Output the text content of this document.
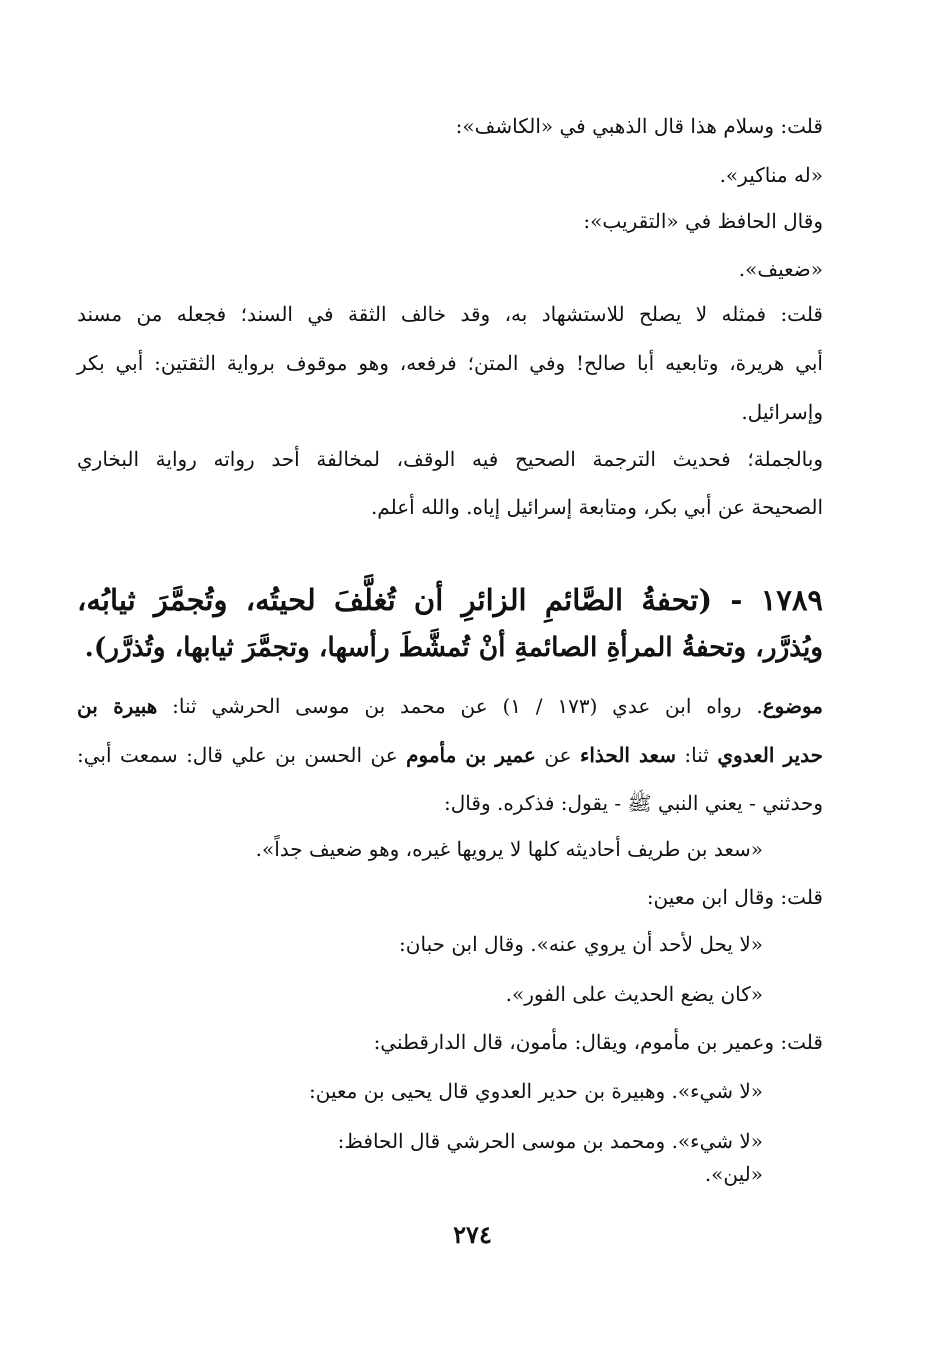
قلت: وسلام هذا قال الذهبي في «الكاشف»:
«له مناكير».
وقال الحافظ في «التقريب»:
«ضعيف».
قلت: فمثله لا يصلح للاستشهاد به، وقد خالف الثقة في السند؛ فجعله من مسند
أبي هريرة، وتابعيه أبا صالح! وفي المتن؛ فرفعه، وهو موقوف برواية الثقتين: أبي بكر
وإسرائيل.
وبالجملة؛ فحديث الترجمة الصحيح فيه الوقف، لمخالفة أحد رواته رواية البخاري
الصحيحة عن أبي بكر، ومتابعة إسرائيل إياه. والله أعلم.
١٧٨٩ - (تحفةُ الصَّائمِ الزائرِ أن تُغلَّفَ لحيتُه، وتُجمَّرَ ثيابُه،
ويُذرَّر، وتحفةُ المرأةِ الصائمةِ أنْ تُمشَّطَ رأسها، وتجمَّرَ ثيابها، وتُذرَّر).
موضوع. رواه ابن عدي (١٧٣ / ١) عن محمد بن موسى الحرشي ثنا: هبيرة بن
حدير العدوي ثنا: سعد الحذاء عن عمير بن مأموم عن الحسن بن علي قال: سمعت أبي:
وحدثني - يعني النبي ﷺ - يقول: فذكره. وقال:
«سعد بن طريف أحاديثه كلها لا يرويها غيره، وهو ضعيف جداً».
قلت: وقال ابن معين:
«لا يحل لأحد أن يروي عنه». وقال ابن حبان:
«كان يضع الحديث على الفور».
قلت: وعمير بن مأموم، ويقال: مأمون، قال الدارقطني:
«لا شيء». وهبيرة بن حدير العدوي قال يحيى بن معين:
«لا شيء». ومحمد بن موسى الحرشي قال الحافظ:
«لين».
٢٧٤
